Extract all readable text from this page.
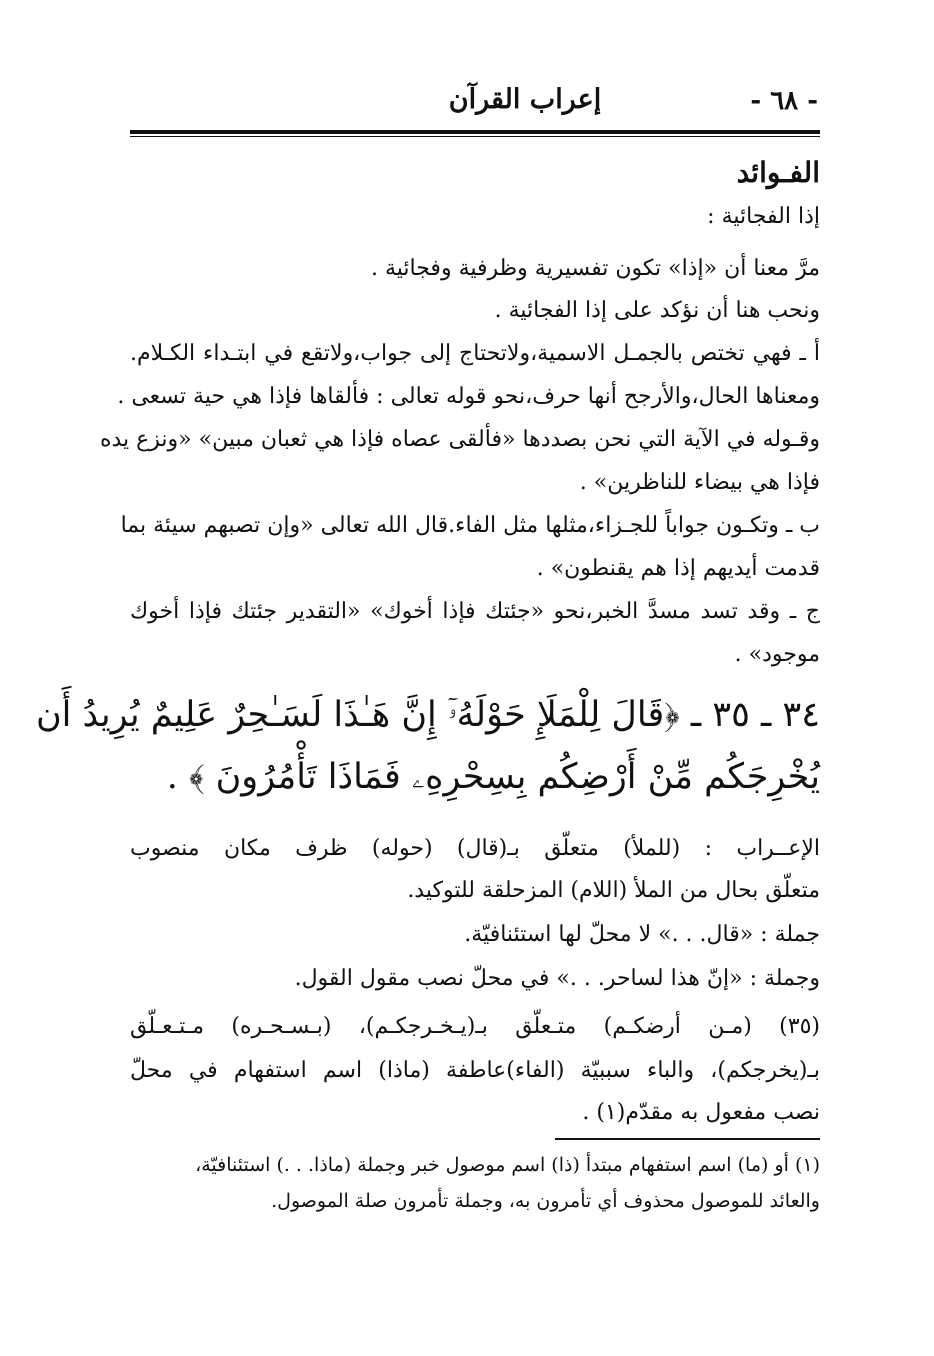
- ٦٨ -
إعراب القرآن
الفـوائد
إذا الفجائية :
مرَّ معنا أن «إذا» تكون تفسيرية وظرفية وفجائية .
ونحب هنا أن نؤكد على إذا الفجائية .
أ ـ فهي تختص بالجمـل الاسمية،ولاتحتاج إلى جواب،ولاتقع في ابتـداء الكـلام.
ومعناها الحال،والأرجح أنها حرف،نحو قوله تعالى : فألقاها فإذا هي حية تسعى .
وقـوله في الآية التي نحن بصددها «فألقى عصاه فإذا هي ثعبان مبين» «ونزع يده
فإذا هي بيضاء للناظرين» .
ب ـ وتكـون جواباً للجـزاء،مثلها مثل الفاء.قال الله تعالى «وإن تصبهم سيئة بما
قدمت أيديهم إذا هم يقنطون» .
ج ـ وقد تسد مسدَّ الخبر،نحو «جئتك فإذا أخوك» «التقدير جئتك فإذا أخوك
موجود» .
٣٤ ـ ٣٥ ـ ﴿قَالَ لِلْمَلَإِ حَوْلَهُۥٓ إِنَّ هَـٰذَا لَسَـٰحِرٌ عَلِيمٌ يُرِيدُ أَن
يُخْرِجَكُم مِّنْ أَرْضِكُم بِسِحْرِهِۦ فَمَاذَا تَأْمُرُونَ ﴾ .
الإعــراب : (للملأ) متعلّق بـ(قال) (حوله) ظرف مكان منصوب
متعلّق بحال من الملأ (اللام) المزحلقة للتوكيد.
جملة : «قال. . .» لا محلّ لها استئنافيّة.
وجملة : «إنّ هذا لساحر. . .» في محلّ نصب مقول القول.
(٣٥) (مـن أرضكـم) متـعلّق بـ(يـخـرجكـم)، (بـسـحـره) مـتـعـلّق
بـ(يخرجكم)، والباء سببيّة (الفاء)عاطفة (ماذا) اسم استفهام في محلّ
نصب مفعول به مقدّم(١) .
(١) أو (ما) اسم استفهام مبتدأ (ذا) اسم موصول خبر وجملة (ماذا. . .) استئنافيّة،
والعائد للموصول محذوف أي تأمرون به، وجملة تأمرون صلة الموصول.
